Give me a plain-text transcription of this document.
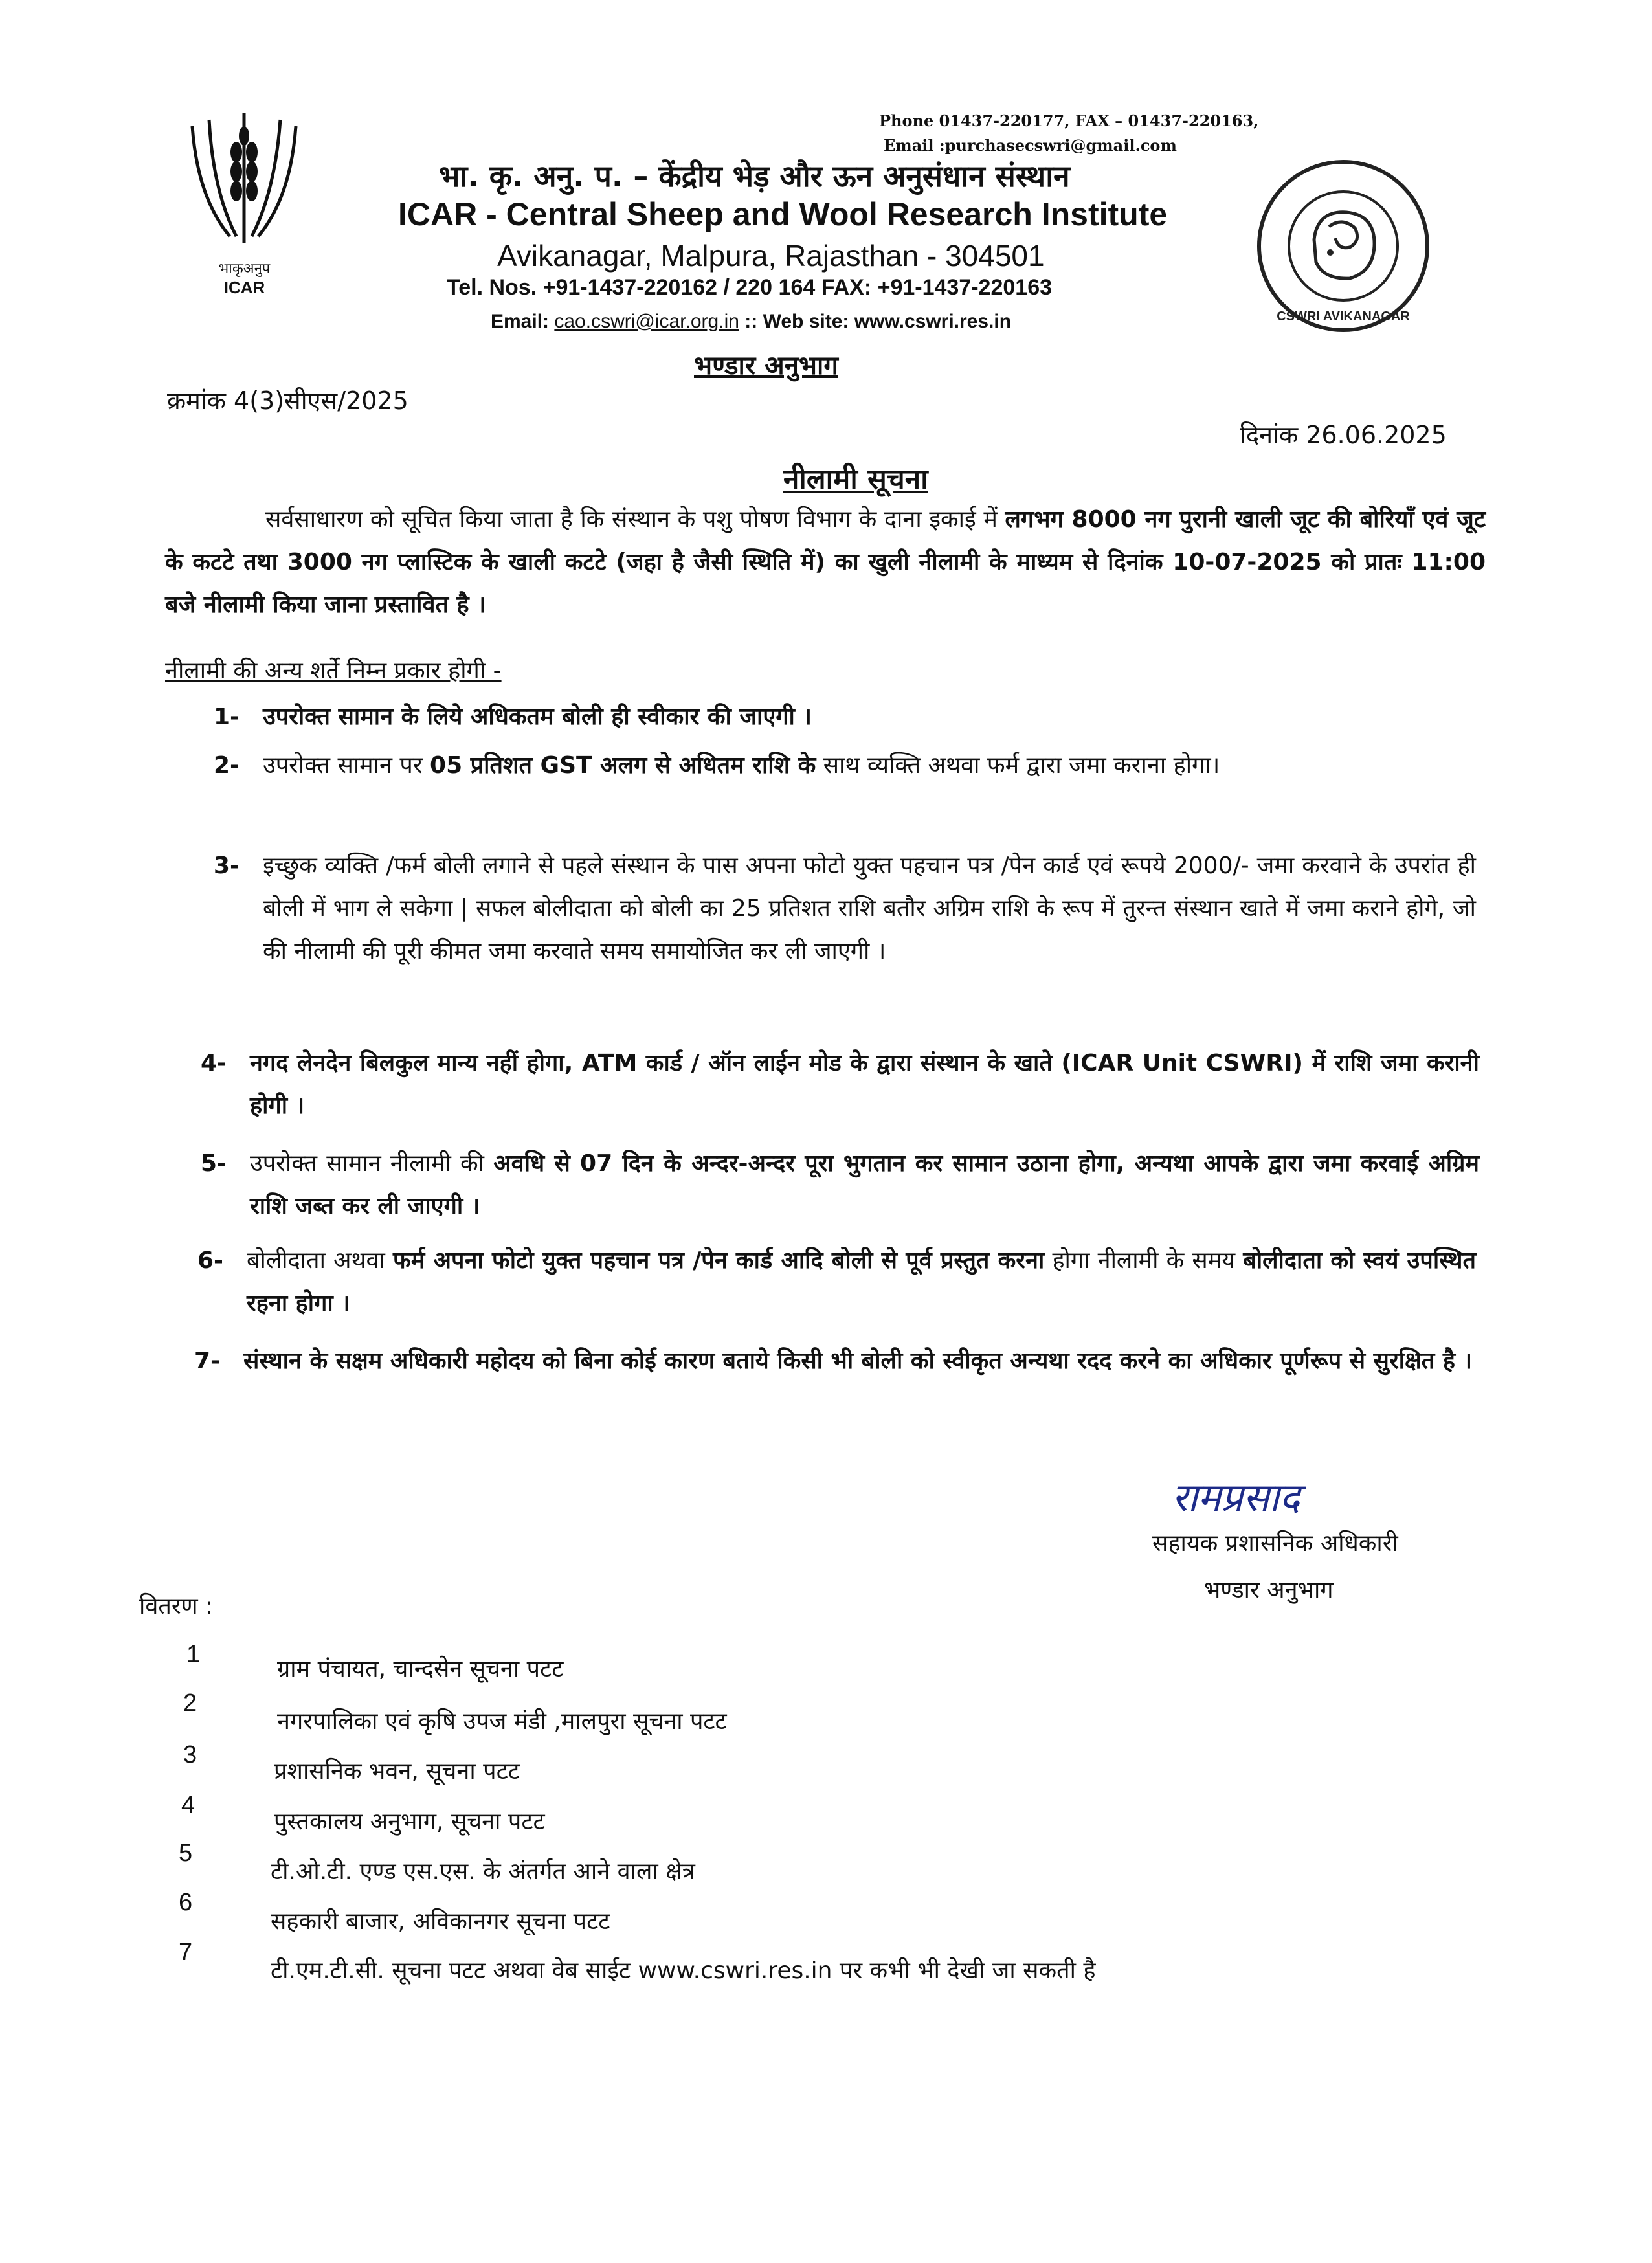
भाकृअनुप
ICAR
Phone 01437-220177, FAX – 01437-220163,
Email :purchasecswri@gmail.com
भा. कृ. अनु. प. – केंद्रीय भेड़ और ऊन अनुसंधान संस्थान
ICAR - Central Sheep and Wool Research Institute
Avikanagar, Malpura, Rajasthan - 304501
Tel. Nos. +91-1437-220162 / 220 164 FAX: +91-1437-220163
Email: cao.cswri@icar.org.in :: Web site: www.cswri.res.in	CSWRI AVIKANAGAR
भण्डार अनुभाग
क्रमांक 4(3)सीएस/2025
दिनांक 26.06.2025
नीलामी सूचना
सर्वसाधारण को सूचित किया जाता है कि संस्थान के पशु पोषण विभाग के दाना इकाई में लगभग 8000 नग पुरानी खाली जूट की बोरियाँ एवं जूट के कटटे तथा 3000 नग प्लास्टिक के खाली कटटे (जहा है जैसी स्थिति में) का खुली नीलामी के माध्यम से दिनांक 10-07-2025 को प्रातः 11:00 बजे नीलामी किया जाना प्रस्तावित है ।
नीलामी की अन्य शर्ते निम्न प्रकार होगी -
1- उपरोक्त सामान के लिये अधिकतम बोली ही स्वीकार की जाएगी ।
2- उपरोक्त सामान पर 05 प्रतिशत GST अलग से अधितम राशि के साथ व्यक्ति अथवा फर्म द्वारा जमा कराना होगा।
3- इच्छुक व्यक्ति /फर्म बोली लगाने से पहले संस्थान के पास अपना फोटो युक्त पहचान पत्र /पेन कार्ड एवं रूपये 2000/- जमा करवाने के उपरांत ही बोली में भाग ले सकेगा | सफल बोलीदाता को बोली का 25 प्रतिशत राशि बतौर अग्रिम राशि के रूप में तुरन्त संस्थान खाते में जमा कराने होगे, जो की नीलामी की पूरी कीमत जमा करवाते समय समायोजित कर ली जाएगी ।
4- नगद लेनदेन बिलकुल मान्य नहीं होगा, ATM कार्ड / ऑन लाईन मोड के द्वारा संस्थान के खाते (ICAR Unit CSWRI) में राशि जमा करानी होगी ।
5- उपरोक्त सामान नीलामी की अवधि से 07 दिन के अन्दर-अन्दर पूरा भुगतान कर सामान उठाना होगा, अन्यथा आपके द्वारा जमा करवाई अग्रिम राशि जब्त कर ली जाएगी ।
6- बोलीदाता अथवा फर्म अपना फोटो युक्त पहचान पत्र /पेन कार्ड आदि बोली से पूर्व प्रस्तुत करना होगा नीलामी के समय बोलीदाता को स्वयं उपस्थित रहना होगा ।
7- संस्थान के सक्षम अधिकारी महोदय को बिना कोई कारण बताये किसी भी बोली को स्वीकृत अन्यथा रदद करने का अधिकार पूर्णरूप से सुरक्षित है ।
रामप्रसाद
सहायक प्रशासनिक अधिकारी
भण्डार अनुभाग
वितरण :
1
ग्राम पंचायत, चान्दसेन सूचना पटट
2
नगरपालिका एवं कृषि उपज मंडी ,मालपुरा सूचना पटट
3
प्रशासनिक भवन, सूचना पटट
4
पुस्तकालय अनुभाग, सूचना पटट
5
टी.ओ.टी. एण्ड एस.एस. के अंतर्गत आने वाला क्षेत्र
6
सहकारी बाजार, अविकानगर सूचना पटट
7
टी.एम.टी.सी. सूचना पटट अथवा वेब साईट www.cswri.res.in पर कभी भी देखी जा सकती है
